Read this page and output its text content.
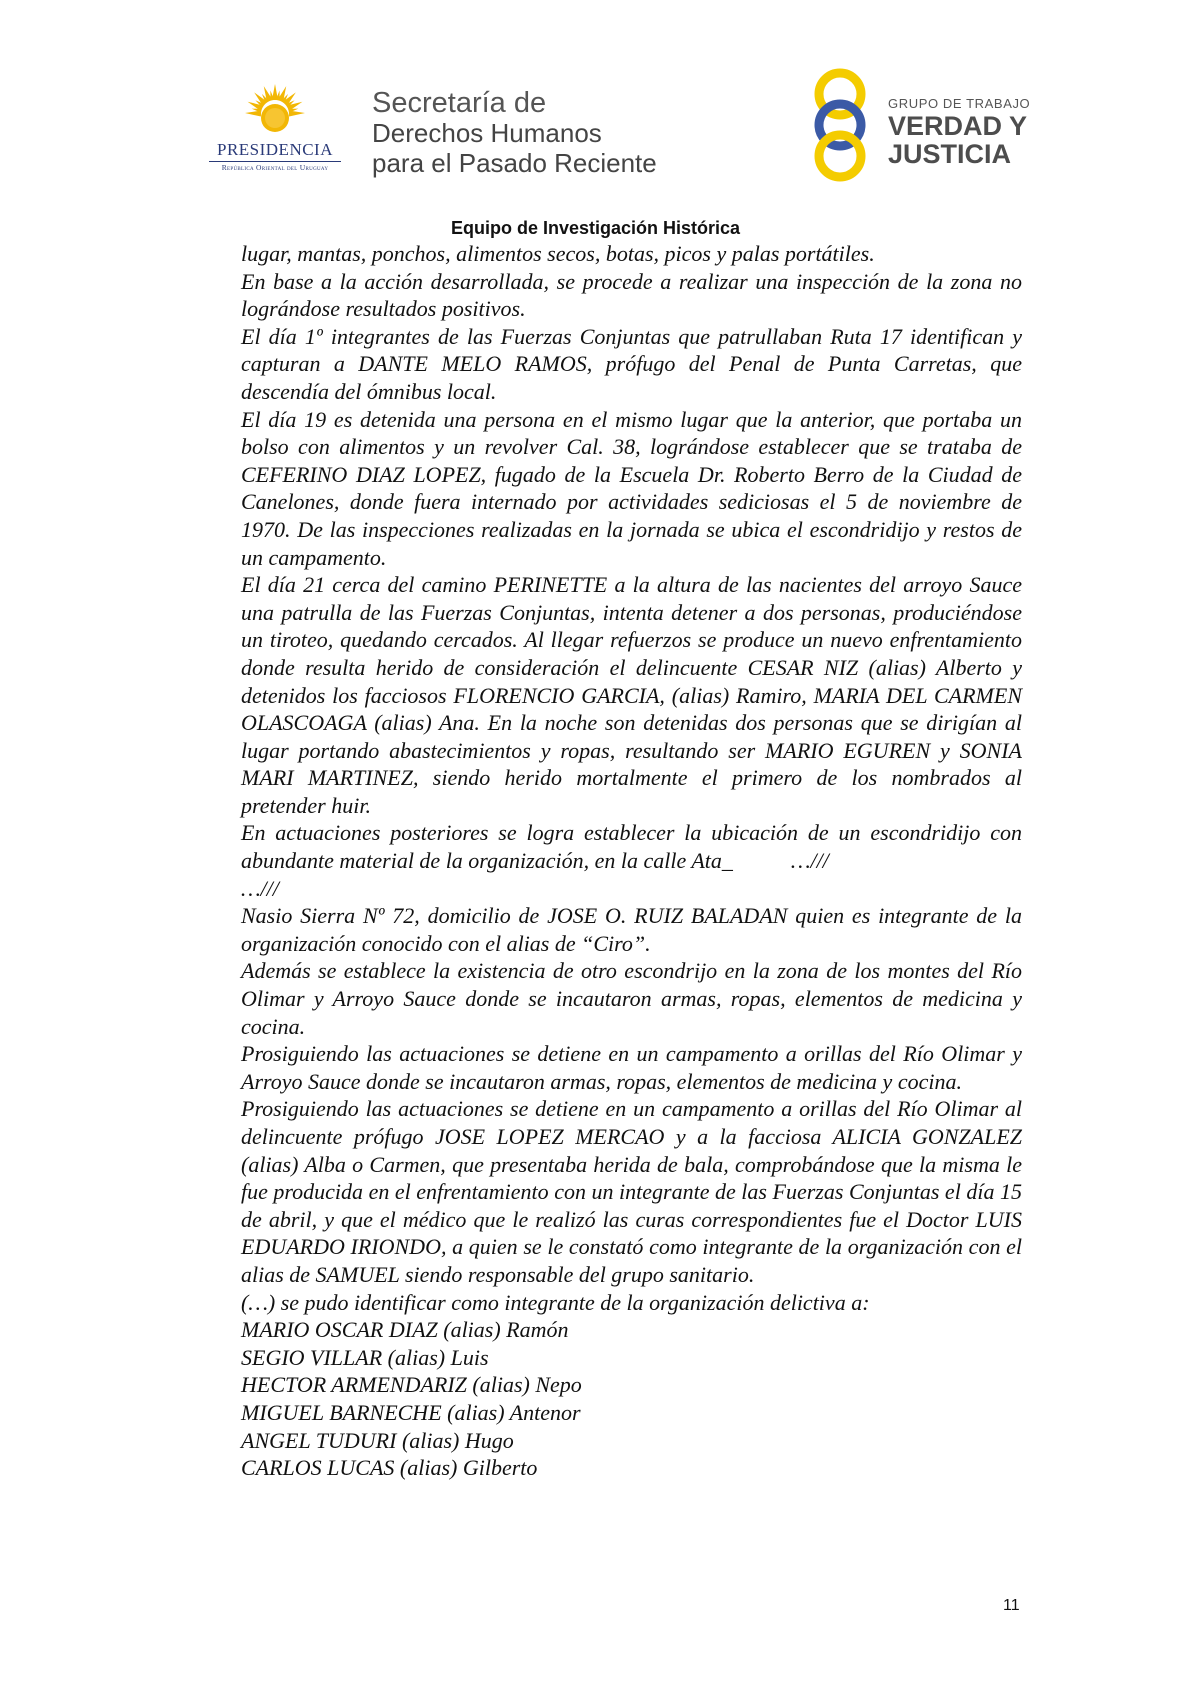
PRESIDENCIA
República Oriental del Uruguay
Secretaría de
Derechos Humanos
para el Pasado Reciente
GRUPO DE TRABAJO
VERDAD Y
JUSTICIA
Equipo de Investigación Histórica

lugar, mantas, ponchos, alimentos secos, botas, picos y palas portátiles.

En base a la acción desarrollada, se procede a realizar una inspección de la zona no lográndose resultados positivos.

El día 1º integrantes de las Fuerzas Conjuntas que patrullaban Ruta 17 identifican y capturan a DANTE MELO RAMOS, prófugo del Penal de Punta Carretas, que descendía del ómnibus local.

El día 19 es detenida una persona en el mismo lugar que la anterior, que portaba un bolso con alimentos y un revolver Cal. 38, lográndose establecer que se trataba de CEFERINO DIAZ LOPEZ, fugado de la Escuela Dr. Roberto Berro de la Ciudad de Canelones, donde fuera internado por actividades sediciosas el 5 de noviembre de 1970. De las inspecciones realizadas en la jornada se ubica el escondridijo y restos de un campamento.

El día 21 cerca del camino PERINETTE a la altura de las nacientes del arroyo Sauce una patrulla de las Fuerzas Conjuntas, intenta detener a dos personas, produciéndose un tiroteo, quedando cercados. Al llegar refuerzos se produce un nuevo enfrentamiento donde resulta herido de consideración el delincuente CESAR NIZ (alias) Alberto y detenidos los facciosos FLORENCIO GARCIA, (alias) Ramiro, MARIA DEL CARMEN OLASCOAGA (alias) Ana. En la noche son detenidas dos personas que se dirigían al lugar portando abastecimientos y ropas, resultando ser MARIO EGUREN y SONIA MARI MARTINEZ, siendo herido mortalmente el primero de los nombrados al pretender huir.

En actuaciones posteriores se logra establecer la ubicación de un escondridijo con abundante material de la organización, en la calle Ata_	…///

…///

Nasio Sierra Nº 72, domicilio de JOSE O. RUIZ BALADAN quien es integrante de la organización conocido con el alias de “Ciro”.

Además se establece la existencia de otro escondrijo en la zona de los montes del Río Olimar y Arroyo Sauce donde se incautaron armas, ropas, elementos de medicina y cocina.

Prosiguiendo las actuaciones se detiene en un campamento a orillas del Río Olimar y Arroyo Sauce donde se incautaron armas, ropas, elementos de medicina y cocina.

Prosiguiendo las actuaciones se detiene en un campamento a orillas del Río Olimar al delincuente prófugo JOSE LOPEZ MERCAO y a la facciosa ALICIA GONZALEZ (alias) Alba o Carmen, que presentaba herida de bala, comprobándose que la misma le fue producida en el enfrentamiento con un integrante de las Fuerzas Conjuntas el día 15 de abril, y que el médico que le realizó las curas correspondientes fue el Doctor LUIS EDUARDO IRIONDO, a quien se le constató como integrante de la organización con el alias de SAMUEL siendo responsable del grupo sanitario.

(…) se pudo identificar como integrante de la organización delictiva a:

MARIO OSCAR DIAZ (alias) Ramón

SEGIO VILLAR (alias) Luis

HECTOR ARMENDARIZ (alias) Nepo

MIGUEL BARNECHE (alias) Antenor

ANGEL TUDURI (alias) Hugo

CARLOS LUCAS (alias) Gilberto

11
